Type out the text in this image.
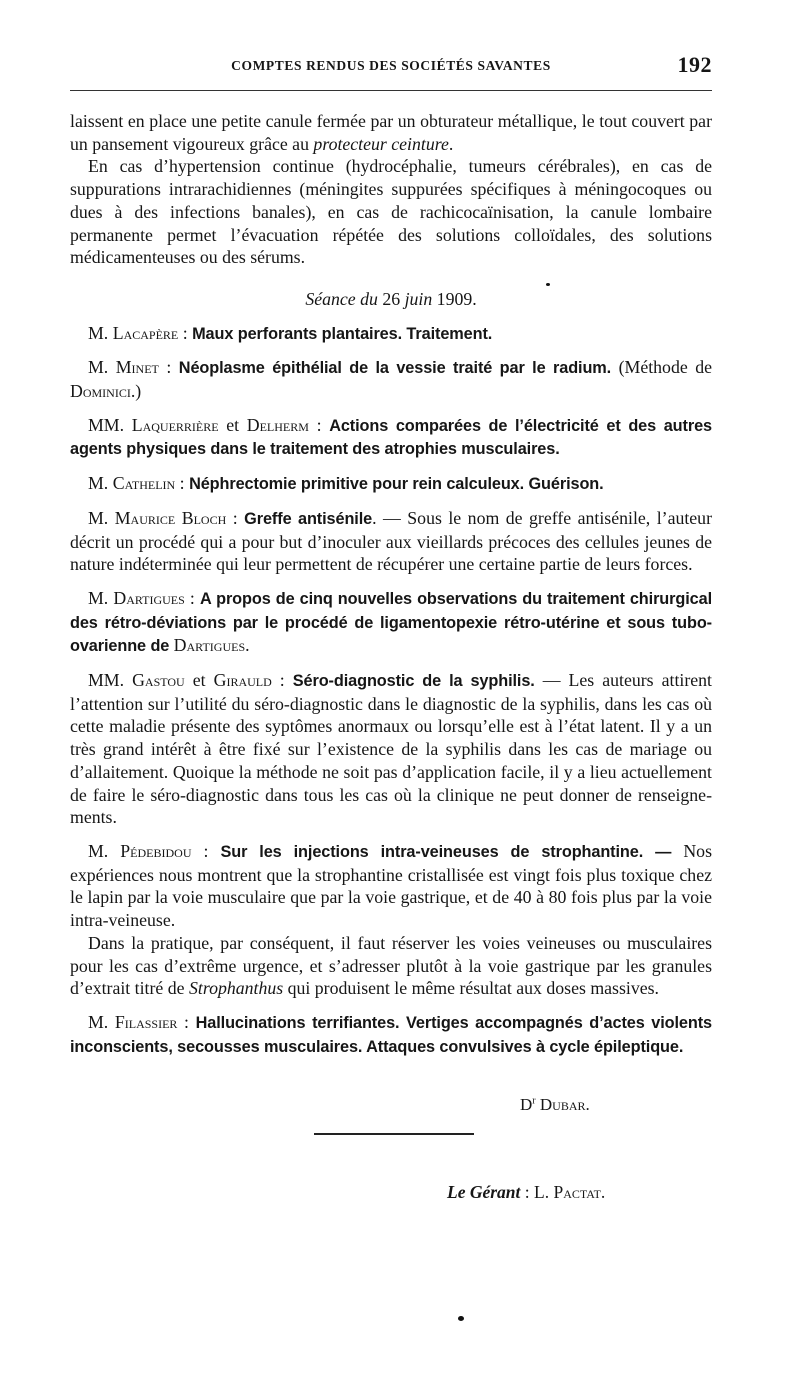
COMPTES RENDUS DES SOCIÉTÉS SAVANTES	192

laissent en place une petite canule fermée par un obturateur métallique, le tout couvert par un pansement vigoureux grâce au protecteur ceinture.

En cas d’hypertension continue (hydrocéphalie, tumeurs cérébrales), en cas de suppurations intrarachidiennes (méningites suppurées spécifiques à méningocoques ou dues à des infections banales), en cas de rachicocaïnisation, la canule lombaire permanente permet l’évacuation répétée des solutions colloïdales, des solutions médicamenteuses ou des sérums.

Séance du 26 juin 1909.

M. Lacapère : Maux perforants plantaires. Traitement.

M. Minet : Néoplasme épithélial de la vessie traité par le radium. (Méthode de Dominici.)

MM. Laquerrière et Delherm : Actions comparées de l’électricité et des autres agents physiques dans le traitement des atrophies musculaires.

M. Cathelin : Néphrectomie primitive pour rein calculeux. Guérison.

M. Maurice Bloch : Greffe antisénile. — Sous le nom de greffe antisénile, l’auteur décrit un procédé qui a pour but d’inoculer aux vieillards précoces des cellules jeunes de nature indéterminée qui leur permettent de récupérer une certaine partie de leurs forces.

M. Dartigues : A propos de cinq nouvelles observations du traitement chirurgical des rétro-déviations par le procédé de ligamentopexie rétro-utérine et sous tubo-ovarienne de Dartigues.

MM. Gastou et Girauld : Séro-diagnostic de la syphilis. — Les auteurs attirent l’attention sur l’utilité du séro-diagnostic dans le diagnostic de la syphilis, dans les cas où cette maladie présente des syptômes anormaux ou lorsqu’elle est à l’état latent. Il y a un très grand intérêt à être fixé sur l’existence de la syphilis dans les cas de mariage ou d’allaitement. Quoique la méthode ne soit pas d’application facile, il y a lieu actuellement de faire le séro-diagnostic dans tous les cas où la clinique ne peut donner de renseignements.

M. Pédebidou : Sur les injections intra-veineuses de strophantine. — Nos expériences nous montrent que la strophantine cristallisée est vingt fois plus toxique chez le lapin par la voie musculaire que par la voie gastrique, et de 40 à 80 fois plus par la voie intra-veineuse.

Dans la pratique, par conséquent, il faut réserver les voies veineuses ou musculaires pour les cas d’extrême urgence, et s’adresser plutôt à la voie gastrique par les granules d’extrait titré de Strophanthus qui produisent le même résultat aux doses massives.

M. Filassier : Hallucinations terrifiantes. Vertiges accompagnés d’actes violents inconscients, secousses musculaires. Attaques convulsives à cycle épileptique.

$D^r$ Dubar.
Le Gérant : L. Pactat.
